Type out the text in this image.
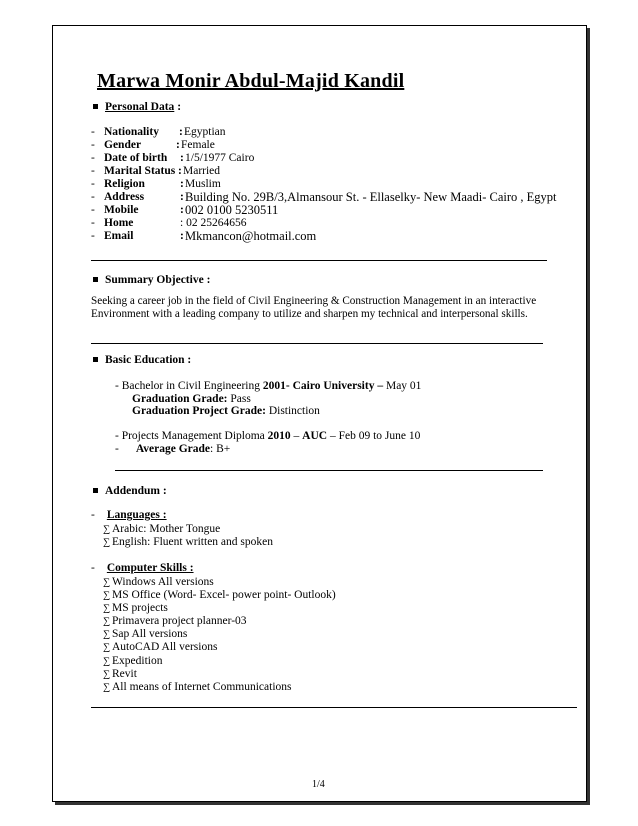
Marwa Monir Abdul-Majid Kandil
Personal Data :
- Nationality : Egyptian
- Gender	: Female
- Date of birth : 1/5/1977 Cairo
- Marital Status : Married
- Religion	: Muslim
- Address	: Building No. 29B/3,Almansour St. - Ellaselky- New Maadi- Cairo , Egypt
- Mobile	: 002 0100 5230511
- Home	: 02 25264656
- Email	: Mkmancon@hotmail.com
Summary Objective :
Seeking a career job in the field of Civil Engineering & Construction Management in an interactive Environment with a leading company to utilize and sharpen my technical and interpersonal skills.
Basic Education :
- Bachelor in Civil Engineering 2001- Cairo University – May 01
Graduation Grade: Pass
Graduation Project Grade: Distinction
- Projects Management Diploma 2010 – AUC – Feb 09 to June 10
- Average Grade: B+
Addendum :
- Languages :
∑ Arabic: Mother Tongue
∑ English: Fluent written and spoken
- Computer Skills :
∑ Windows All versions
∑ MS Office (Word- Excel- power point- Outlook)
∑ MS projects
∑ Primavera project planner-03
∑ Sap All versions
∑ AutoCAD All versions
∑ Expedition
∑ Revit
∑ All means of Internet Communications
1/4
